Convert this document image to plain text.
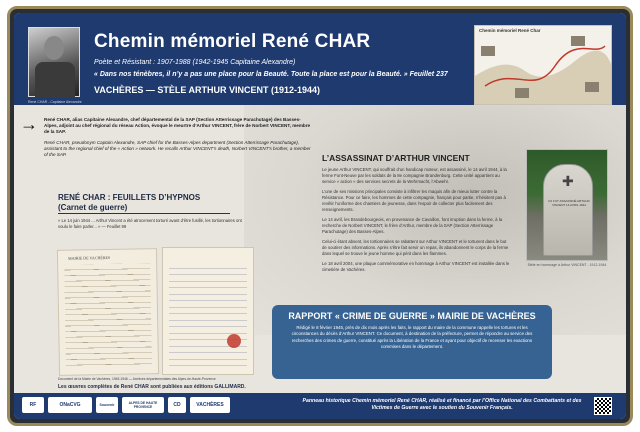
René CHAR - Capitaine Alexandre
Chemin mémoriel René CHAR
Poète et Résistant : 1907-1988 (1942-1945 Capitaine Alexandre)
« Dans nos ténèbres, il n’y a pas une place pour la Beauté. Toute la place est pour la Beauté. » Feuillet 237
VACHÈRES — STÈLE ARTHUR VINCENT (1912-1944)
Chemin mémoriel René Char
→ René CHAR, alias Capitaine Alexandre, chef départemental de la SAP (Section Atterrissage Parachutage) des Basses-Alpes, adjoint au chef régional du réseau Action, évoque le meurtre d’Arthur VINCENT, frère de Norbert VINCENT, membre de la SAP.
René CHAR, pseudonym Captain Alexandre, SAP chief for the Basses-Alpes department (Section Atterrissage Parachutage), assistant to the regional chief of the « Action » network. He recalls Arthur VINCENT’s death, Norbert VINCENT’s brother, a member of the SAP.	L’ASSASSINAT D’ARTHUR VINCENT

Le jeune Arthur VINCENT, qui souffrait d’un handicap moteur, est assassiné, le 14 avril 1944, à la ferme Font-Neuve par les soldats de la 8e compagnie Brandenburg. Cette unité appartient au service « action » des services secrets de la Wehrmacht, l’Abwehr.

L’une de ses missions principales consiste à infiltrer les maquis afin de mieux lutter contre la Résistance. Pour ce faire, les hommes de cette compagnie, français pour partie, n’hésitent pas à revêtir l’uniforme des chantiers de jeunesse, dans l’espoir de collecter plus facilement des renseignements.

Le 14 avril, les Brandebourgeois, en provenance de Cavaillon, font irruption dans la ferme, à la recherche de Norbert VINCENT, le frère d’Arthur, membre de la SAP (Section Atterrissage Parachutage) des Basses-Alpes.

Celui-ci étant absent, les tortionnaires se rabattent sur Arthur VINCENT et le torturent dans le but de soutirer des informations. Après s’être fait servir un repas, ils abandonnent le corps de la ferme dans lequel se trouve le jeune homme qui périt dans les flammes.

Le 18 avril 2004, une plaque commémorative en hommage à Arthur VINCENT est installée dans le cimetière de Vachères.

✚
ICI FUT ASSASSINÉ ARTHUR VINCENT 14 AVRIL 1944
Stèle en hommage à Arthur VINCENT - 1912-1944
RENÉ CHAR : FEUILLETS D’HYPNOS
(Carnet de guerre)
« Le 14 juin 1944 ... Arthur Vincent a été atrocement torturé avant d’être fusillé, les tortionnaires ont voulu le faire parler... » — Feuillet 99
MAIRIE DE VACHÈRES
Document de la Mairie de Vachères, 1945-1946 — Archives départementales des Alpes-de-Haute-Provence
Les œuvres complètes de René CHAR sont publiées aux éditions GALLIMARD.
RAPPORT « CRIME DE GUERRE » MAIRIE DE VACHÈRES
Rédigé le 8 février 1945, près de dix mois après les faits, le rapport du maire de la commune rappelle les tortures et les circonstances du décès d’Arthur VINCENT. Ce document, à destination de la préfecture, permet de répondre au service des recherches des crimes de guerre, constitué après la Libération de la France et ayant pour objectif de recenser les exactions commises dans le département.
RF	ONaCVG	Souvenir	ALPES DE HAUTE PROVENCE	CD	VACHÈRES
Panneau historique Chemin mémoriel René CHAR, réalisé et financé par l’Office National des Combattants et des Victimes de Guerre avec le soutien du Souvenir Français.
